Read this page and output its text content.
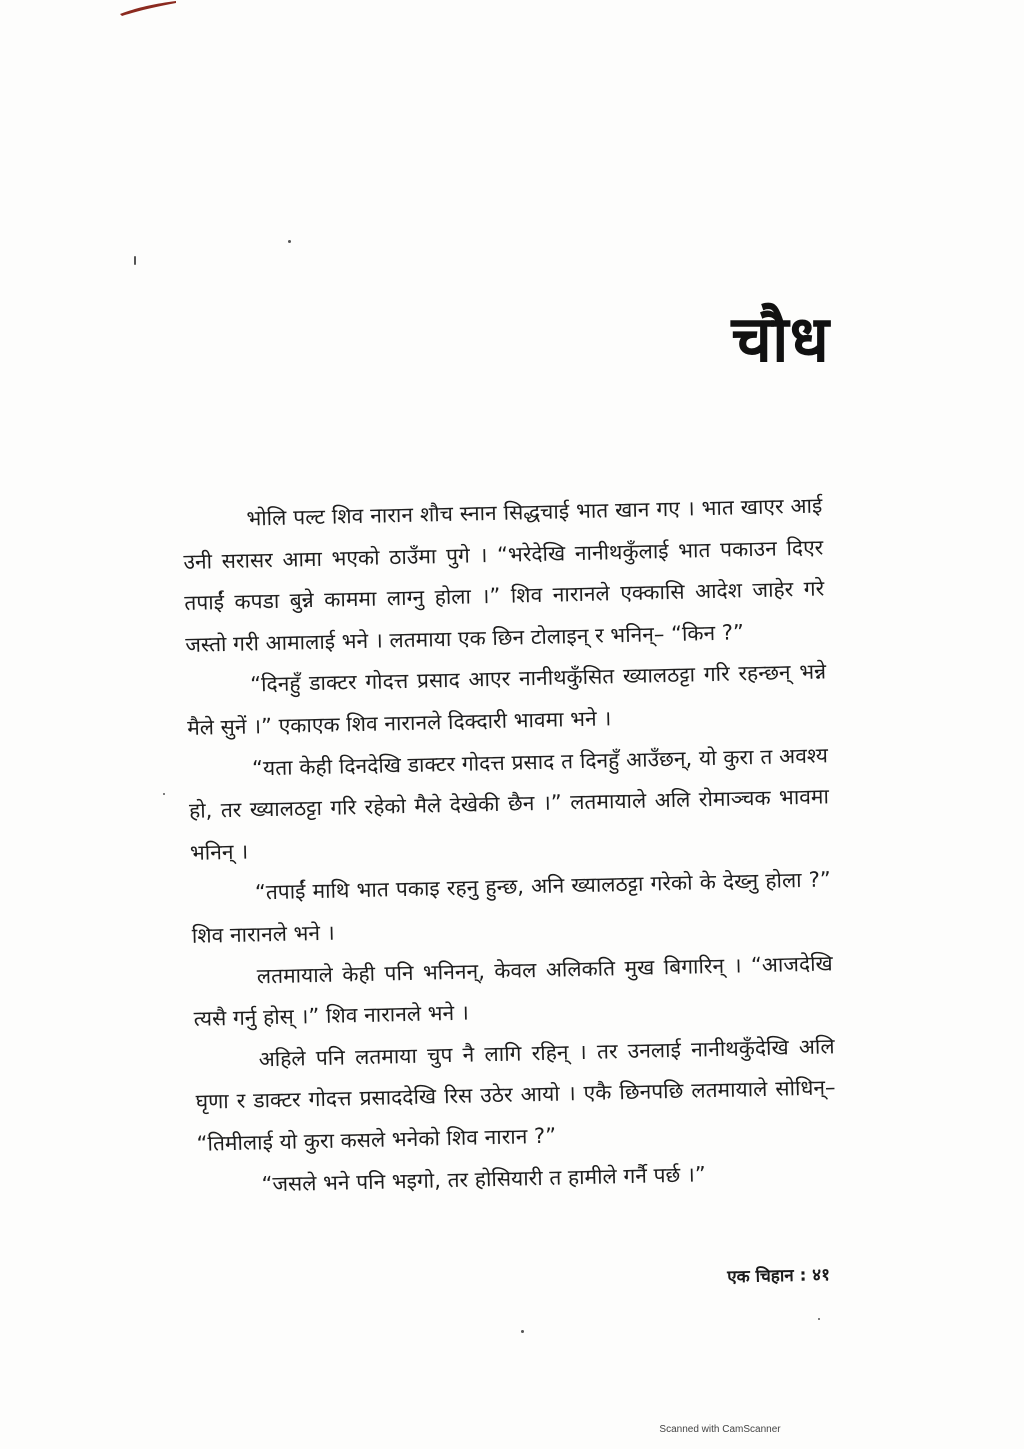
चौध

भोलि पल्ट शिव नारान शौच स्नान सिद्धचाई भात खान गए । भात खाएर आई उनी सरासर आमा भएको ठाउँमा पुगे । “भरेदेखि नानीथकुँलाई भात पकाउन दिएर तपाईं कपडा बुन्ने काममा लाग्नु होला ।” शिव नारानले एक्कासि आदेश जाहेर गरे जस्तो गरी आमालाई भने । लतमाया एक छिन टोलाइन् र भनिन्– “किन ?”

“दिनहुँ डाक्टर गोदत्त प्रसाद आएर नानीथकुँसित ख्यालठट्टा गरि रहन्छन् भन्ने मैले सुनें ।” एकाएक शिव नारानले दिक्दारी भावमा भने ।

“यता केही दिनदेखि डाक्टर गोदत्त प्रसाद त दिनहुँ आउँछन्, यो कुरा त अवश्य हो, तर ख्यालठट्टा गरि रहेको मैले देखेकी छैन ।” लतमायाले अलि रोमाञ्चक भावमा भनिन् ।

“तपाईं माथि भात पकाइ रहनु हुन्छ, अनि ख्यालठट्टा गरेको के देख्नु होला ?” शिव नारानले भने ।

लतमायाले केही पनि भनिनन्, केवल अलिकति मुख बिगारिन् । “आजदेखि त्यसै गर्नु होस् ।” शिव नारानले भने ।

अहिले पनि लतमाया चुप नै लागि रहिन् । तर उनलाई नानीथकुँदेखि अलि घृणा र डाक्टर गोदत्त प्रसाददेखि रिस उठेर आयो । एकै छिनपछि लतमायाले सोधिन्– “तिमीलाई यो कुरा कसले भनेको शिव नारान ?”

“जसले भने पनि भइगो, तर होसियारी त हामीले गर्नै पर्छ ।”

एक चिहान : ४१
Scanned with CamScanner
